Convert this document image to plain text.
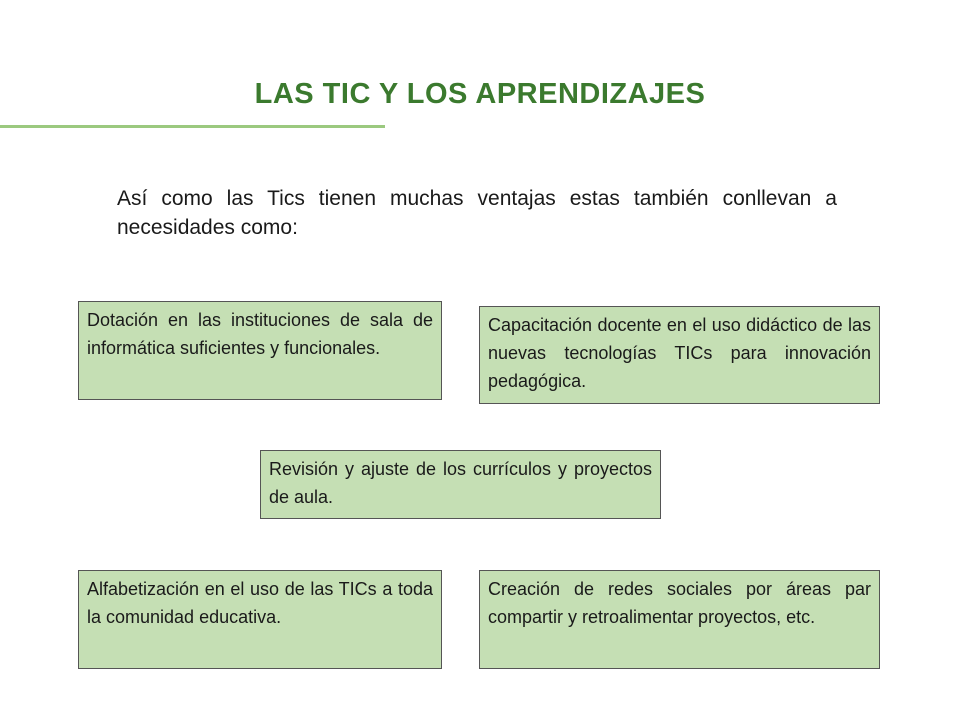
LAS TIC Y LOS APRENDIZAJES

Así como las Tics tienen muchas ventajas estas también conllevan a necesidades como:

Dotación en las instituciones de sala de informática suficientes y funcionales.
Capacitación docente en el uso didáctico de las nuevas tecnologías TICs para innovación pedagógica.
Revisión y ajuste de los currículos y proyectos de aula.
Alfabetización en el uso de las TICs a toda la comunidad educativa.
Creación de redes sociales por áreas par compartir y retroalimentar proyectos, etc.
